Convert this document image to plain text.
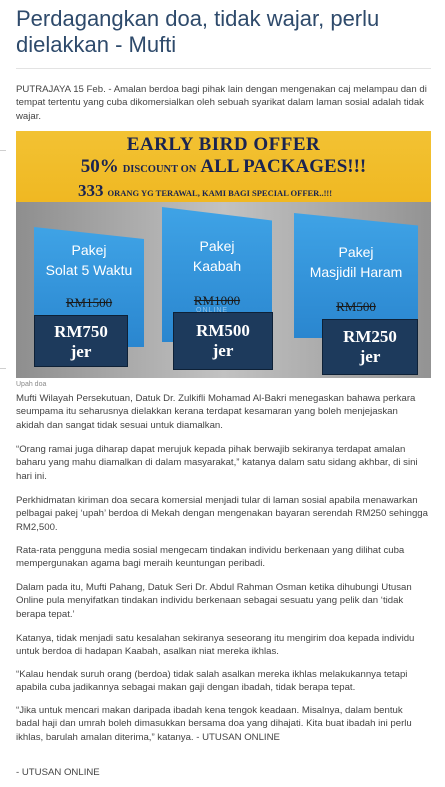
Perdagangkan doa, tidak wajar, perlu dielakkan - Mufti

PUTRAJAYA 15 Feb. - Amalan berdoa bagi pihak lain dengan mengenakan caj melampau dan di tempat tertentu yang cuba dikomersialkan oleh sebuah syarikat dalam laman sosial adalah tidak wajar.

EARLY BIRD OFFER
50% DISCOUNT ON ALL PACKAGES!!!
333 ORANG YG TERAWAL, KAMI BAGI SPECIAL OFFER..!!!
Pakej
Solat 5 Waktu
RM1500
RM750
jer
Pakej
Kaabah
RM1000
RM500
jer
Pakej
Masjidil Haram
RM500
RM250
jer
ONLINE
Upah doa

Mufti Wilayah Persekutuan, Datuk Dr. Zulkifli Mohamad Al-Bakri menegaskan bahawa perkara seumpama itu seharusnya dielakkan kerana terdapat kesamaran yang boleh menjejaskan akidah dan sangat tidak sesuai untuk diamalkan.

“Orang ramai juga diharap dapat merujuk kepada pihak berwajib sekiranya terdapat amalan baharu yang mahu diamalkan di dalam masyarakat,” katanya dalam satu sidang akhbar, di sini hari ini.

Perkhidmatan kiriman doa secara komersial menjadi tular di laman sosial apabila menawarkan pelbagai pakej ‘upah’ berdoa di Mekah dengan mengenakan bayaran serendah RM250 sehingga RM2,500.

Rata-rata pengguna media sosial mengecam tindakan individu berkenaan yang dilihat cuba mempergunakan agama bagi meraih keuntungan peribadi.

Dalam pada itu, Mufti Pahang, Datuk Seri Dr. Abdul Rahman Osman ketika dihubungi Utusan Online pula menyifatkan tindakan individu berkenaan sebagai sesuatu yang pelik dan ‘tidak berapa tepat.’

Katanya, tidak menjadi satu kesalahan sekiranya seseorang itu mengirim doa kepada individu untuk berdoa di hadapan Kaabah, asalkan niat mereka ikhlas.

“Kalau hendak suruh orang (berdoa) tidak salah asalkan mereka ikhlas melakukannya tetapi apabila cuba jadikannya sebagai makan gaji dengan ibadah, tidak berapa tepat.

“Jika untuk mencari makan daripada ibadah kena tengok keadaan. Misalnya, dalam bentuk badal haji dan umrah boleh dimasukkan bersama doa yang dihajati. Kita buat ibadah ini perlu ikhlas, barulah amalan diterima,” katanya. - UTUSAN ONLINE

- UTUSAN ONLINE
